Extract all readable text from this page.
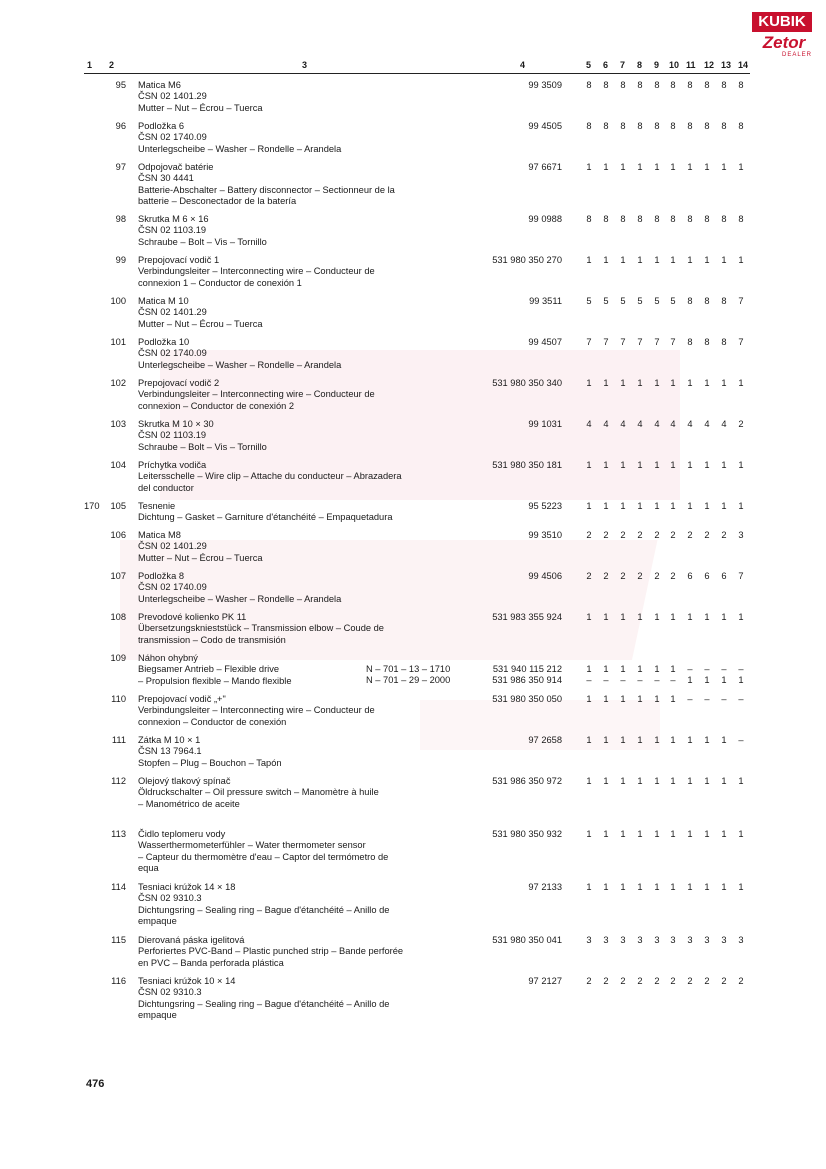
KUBIK
Zetor
DEALER
1 2	3	4	5 6 7 8 9 10 11 12 13 14
95 Matica M6
ČSN 02 1401.29
Mutter – Nut – Écrou – Tuerca
99 3509	8	8	8	8	8	8	8	8	8	8
96 Podložka 6
ČSN 02 1740.09
Unterlegscheibe – Washer – Rondelle – Arandela
99 4505	8	8	8	8	8	8	8	8	8	8
97 Odpojovač batérie
ČSN 30 4441
Batterie-Abschalter – Battery disconnector – Sectionneur de la
batterie – Desconectador de la batería
97 6671	1	1	1	1	1	1	1	1	1	1
98 Skrutka M 6 × 16
ČSN 02 1103.19
Schraube – Bolt – Vis – Tornillo
99 0988	8	8	8	8	8	8	8	8	8	8
99 Prepojovací vodič 1
Verbindungsleiter – Interconnecting wire – Conducteur de
connexion 1 – Conductor de conexión 1
531 980 350 270	1	1	1	1	1	1	1	1	1	1
100 Matica M 10
ČSN 02 1401.29
Mutter – Nut – Écrou – Tuerca
99 3511	5	5	5	5	5	5	8	8	8	7
101 Podložka 10
ČSN 02 1740.09
Unterlegscheibe – Washer – Rondelle – Arandela
99 4507	7	7	7	7	7	7	8	8	8	7
102 Prepojovací vodič 2
Verbindungsleiter – Interconnecting wire – Conducteur de
connexion – Conductor de conexión 2
531 980 350 340	1	1	1	1	1	1	1	1	1	1
103 Skrutka M 10 × 30
ČSN 02 1103.19
Schraube – Bolt – Vis – Tornillo
99 1031	4	4	4	4	4	4	4	4	4	2
104 Príchytka vodiča
Leitersschelle – Wire clip – Attache du conducteur – Abrazadera
del conductor
531 980 350 181	1	1	1	1	1	1	1	1	1	1
170	105 Tesnenie
Dichtung – Gasket – Garniture d'étanchéité – Empaquetadura
95 5223	1	1	1	1	1	1	1	1	1	1
106 Matica M8
ČSN 02 1401.29
Mutter – Nut – Écrou – Tuerca
99 3510	2	2	2	2	2	2	2	2	2	3
107 Podložka 8
ČSN 02 1740.09
Unterlegscheibe – Washer – Rondelle – Arandela
99 4506	2	2	2	2	2	2	6	6	6	7
108 Prevodové kolienko PK 11
Übersetzungsknieststück – Transmission elbow – Coude de
transmission – Codo de transmisión
531 983 355 924	1	1	1	1	1	1	1	1	1	1
109 Náhon ohybný
Biegsamer Antrieb – Flexible drive
– Propulsion flexible – Mando flexible
N – 701 – 13 – 1710
N – 701 – 29 – 2000
531 940 115 212	1	1	1	1	1	1	–	–	–	–
531 986 350 914	–	–	–	–	–	–	1	1	1	1
110 Prepojovací vodič „+"
Verbindungsleiter – Interconnecting wire – Conducteur de
connexion – Conductor de conexión
531 980 350 050	1	1	1	1	1	1	–	–	–	–
111 Zátka M 10 × 1
ČSN 13 7964.1
Stopfen – Plug – Bouchon – Tapón
97 2658	1	1	1	1	1	1	1	1	1	–
112 Olejový tlakový spínač
Öldruckschalter – Oil pressure switch – Manomètre à huile
– Manométrico de aceite
531 986 350 972	1	1	1	1	1	1	1	1	1	1
113 Čidlo teplomeru vody
Wasserthermometerfühler – Water thermometer sensor
– Capteur du thermomètre d'eau – Captor del termómetro de
equa
531 980 350 932	1	1	1	1	1	1	1	1	1	1
114 Tesniaci krúžok 14 × 18
ČSN 02 9310.3
Dichtungsring – Sealing ring – Bague d'étanchéité – Anillo de
empaque
97 2133	1	1	1	1	1	1	1	1	1	1
115 Dierovaná páska igelitová
Perforiertes PVC-Band – Plastic punched strip – Bande perforée
en PVC – Banda perforada plástica
531 980 350 041	3	3	3	3	3	3	3	3	3	3
116 Tesniaci krúžok 10 × 14
ČSN 02 9310.3
Dichtungsring – Sealing ring – Bague d'étanchéité – Anillo de
empaque
97 2127	2	2	2	2	2	2	2	2	2	2
476
